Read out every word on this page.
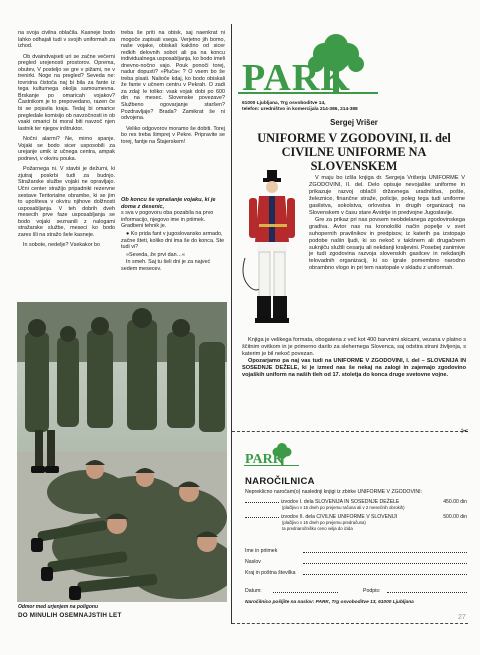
na svoja civilna oblačila. Kasneje bodo lahko odhajali tudi v svojih uniformah za izhod.

Ob dvaindvajseti uri se začne večerni pregled urejenosti prostorov. Oprema, obutev, V posteljo se gre v pižami, ne v trenirki. Noge na pregled? Seveda ne: tovrstna čistoča naj bi bila za fante iz tega kulturnega okolja samoumevna. Brskanje po omaricah vojakov? Častnikom je to prepovedano, razen če bi se pojavila kraja. Tedaj bi omarice pregledale komisijo ob navzočnosti in ob vsaki omarici bi moral biti navzoč njen lastnik ter njegov inštruktor.

Nočni alarmi? Ne, mirno spanje. Vojaki se bodo sicer usposobili za urejanje umik iz učnega centra, ampak podnevi, v okviru pouka.

Požarnega ni. V stavbi je dežurni, ki zjutraj poskrbi tudi za budnjo. Stražarske službe vojaki ne opravljajo. Učni center stražijo pripadniki rezervne sestave Teritorialne obrambe, ki se jim to upoštevа v okviru njihove dolžnosti usposabljanja. V teh dobrih dveh mesecih prve faze usposabljanja se bodo vojaki seznanili z nalogami stražarske službe, meseci ko bodo zares šli na stražo šele kasneje.

In sobote, nedelje? Vsekakor bo

treba še priti na obisk, saj naenkrat ni mogoče zapisati vsega. Verjetno jih bomo, naše vojake, obiskali kakšno od sicer redkih delovnih sobot ali pa na koncu individualnega usposabljanja, ko bodo imeli dnevno-nočno vajo. Pouk ponoči torej, nadur dopusti? »Pluča« ? O vsem bo še treba pisati. Nalioče kdaj, ko bodo obiskali že fante v učnem centru v Pekrah. O zadi za zdaj: le tolikо: vsak vojak dobi po 600 din na mesec. Slovenske povezave? Službeno ogovarjanje staršen? Pozdravljaje? Brada? Zamikrat še ni odvojena.

Veliko odgovorov moramo še dobiti. Torej bo res treba šimprej v Pekre. Pripravite se torej, fantje na Štajerskem!

Ob koncu še vprašanje vojaku, ki je doma z desenic,

s sva v pogovoru oba pozabila na prvo informacijo, njegovo ime in priimek. Gradbeni tehnik je.

● Ko prida fant v jugoslovansko armado, začne šteti, koliko dni ima še do konca. Ste tudi vi?

»Seveda, že prvi dan…«

In smeh. Saj tu šeli dni je za najveć sedem mesecev.

Odmor med urjenjem na poligonu
DO MINULIH OSEMNAJSTIH LET
PARK
61000 Ljubljana, Trg osvoboditve 14,
telefon: uredništvo in komercijala 214-386, 214-388
Sergej Vrišer
UNIFORME V ZGODOVINI, II. del
CIVILNE UNIFORME NA SLOVENSKEM

V maju bo izšla knjiga dr. Sergeja Vrišerja UNIFORME V ZGODOVINI, II. del. Delo opisuje nevojaške uniforme in prikazuje razvoj oblačil državnega uradništva, pošte, železnice, finančne straže, policije, poleg tega tudi uniforme gasilstva, sokolstva, orlovstva in drugih organizacij na Slovenskem v času stare Avstrije in predvojne Jugoslavije.

Gre za prikaz pri nas povsem neobdelanega zgodovinskega gradiva. Avtor nas na kronološki način popelje v svet suhopernih pravilnikov in predpisov, iz katerih pa izstopajo podobe našin ljudi, ki so nekoč v takšnem ali drugačnem suknjiču služili cesarju ali nekdanji kraljevini. Posebej zanimive je tudi zgodovina razvoja slovenskih gasilcev in nekdanjih telovadnih organizacij, ki so igrale pomembno narodno obrambno vlogo in pri tem nastopale v skladu z uniformah.

Knjiga je velikega formata, obogatena z več kot 400 barvnimi skicami, vezana v platno s ščitnim ovitkom in je primerno darilo za slehernega Slovenca, saj odstira strani življenja, s katerim je bil nekoč povezan.

Opozarjamo pa naj vas tudi na UNIFORME V ZGODOVINI, I. del – SLOVENIJA IN SOSEDNJE DEŽELE, ki je izmed nas še nekaj na zalogi in zajemajo zgodovino vojaških uniform na naših tleh od 17. stoletja do konca druge svetovne vojne.

✂
PARK
NAROČILNICA
Nepreklicno naročam(o) naslednji knjigi iz zbirke UNIFORME V ZGODOVINI:
izvodov I. dela SLOVENIJA IN SOSEDNJE DEŽELE	450.00 din
(plačljivo v 15 dneh po prejemu računa ali v 2 mesečnih obrokih)
izvodov II. dela CIVILNE UNIFORME V SLOVENIJI	500.00 din
(plačljivo v 15 dneh po prejemu predračuna)
ta prednaročniško ceno velja do izida
Ime in priimek
Naslov
Kraj in poštna številka
Datum:	Podpis:
Naročilnico pošljite na naslov: PARK, Trg osvoboditve 13, 61000 Ljubljana
27
